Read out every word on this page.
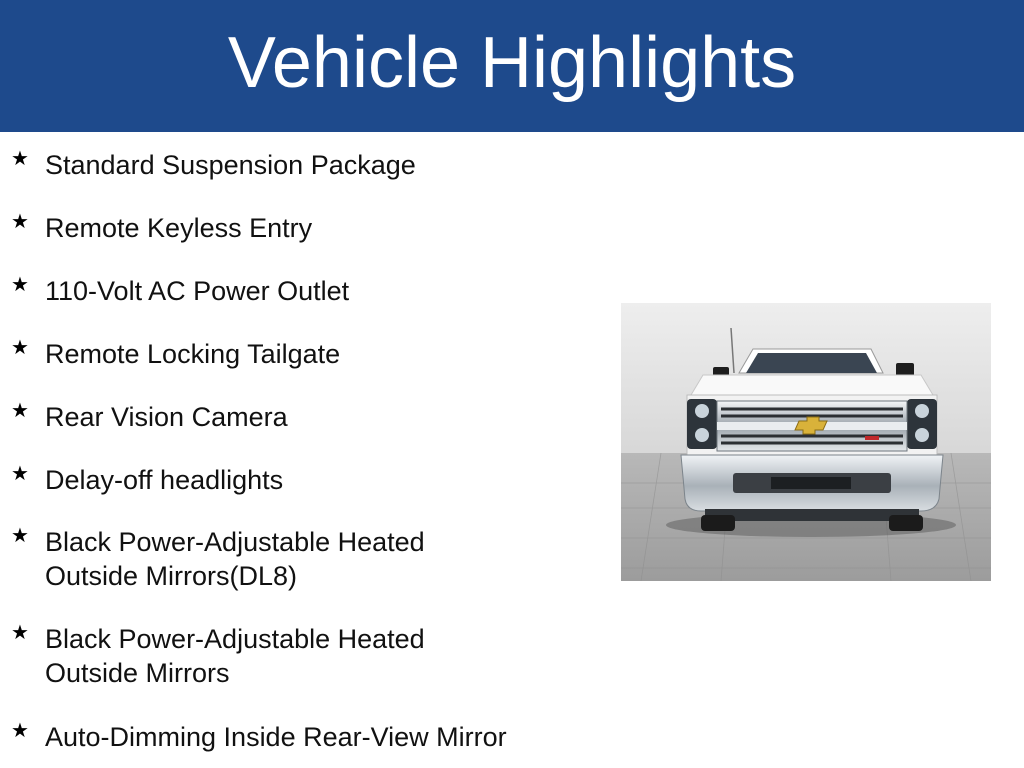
Vehicle Highlights
★ Standard Suspension Package
★ Remote Keyless Entry
★ 110-Volt AC Power Outlet
★ Remote Locking Tailgate
★ Rear Vision Camera
★ Delay-off headlights
★ Black Power-Adjustable Heated
Outside Mirrors(DL8)
★ Black Power-Adjustable Heated
Outside Mirrors
★ Auto-Dimming Inside Rear-View Mirror
